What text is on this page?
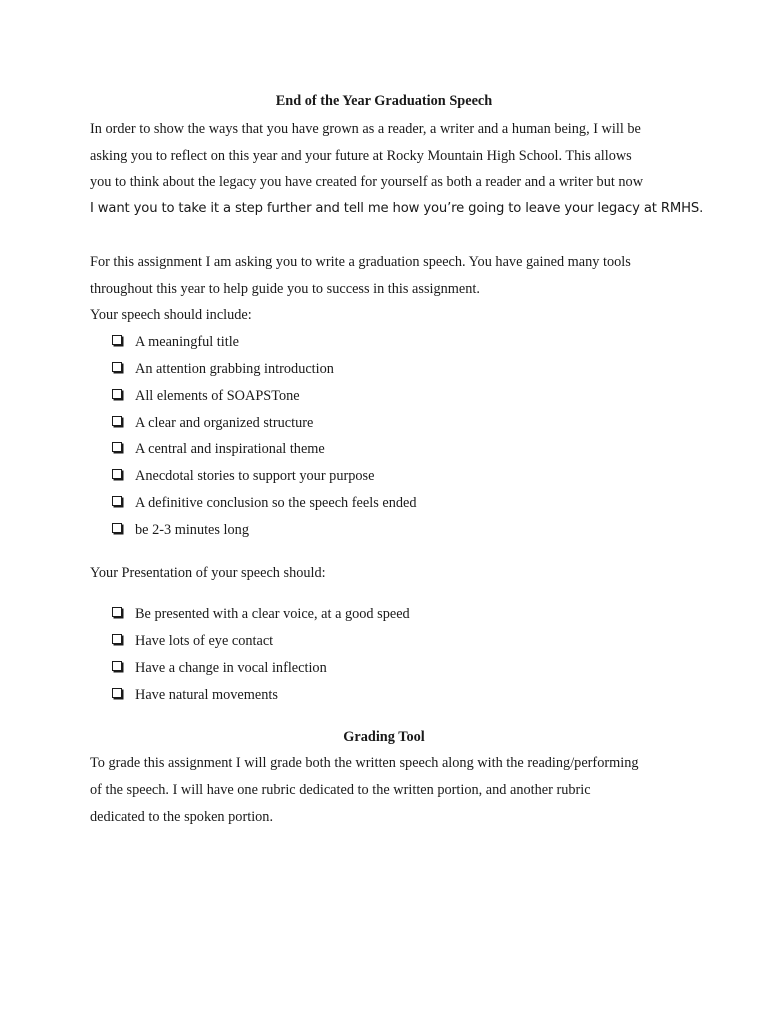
End of the Year Graduation Speech
In order to show the ways that you have grown as a reader, a writer and a human being, I will be
asking you to reflect on this year and your future at Rocky Mountain High School. This allows
you to think about the legacy you have created for yourself as both a reader and a writer but now
I want you to take it a step further and tell me how you’re going to leave your legacy at RMHS.
For this assignment I am asking you to write a graduation speech. You have gained many tools
throughout this year to help guide you to success in this assignment.
Your speech should include:
A meaningful title
An attention grabbing introduction
All elements of SOAPSTone
A clear and organized structure
A central and inspirational theme
Anecdotal stories to support your purpose
A definitive conclusion so the speech feels ended
be 2-3 minutes long
Your Presentation of your speech should:
Be presented with a clear voice, at a good speed
Have lots of eye contact
Have a change in vocal inflection
Have natural movements
Grading Tool
To grade this assignment I will grade both the written speech along with the reading/performing
of the speech. I will have one rubric dedicated to the written portion, and another rubric
dedicated to the spoken portion.
